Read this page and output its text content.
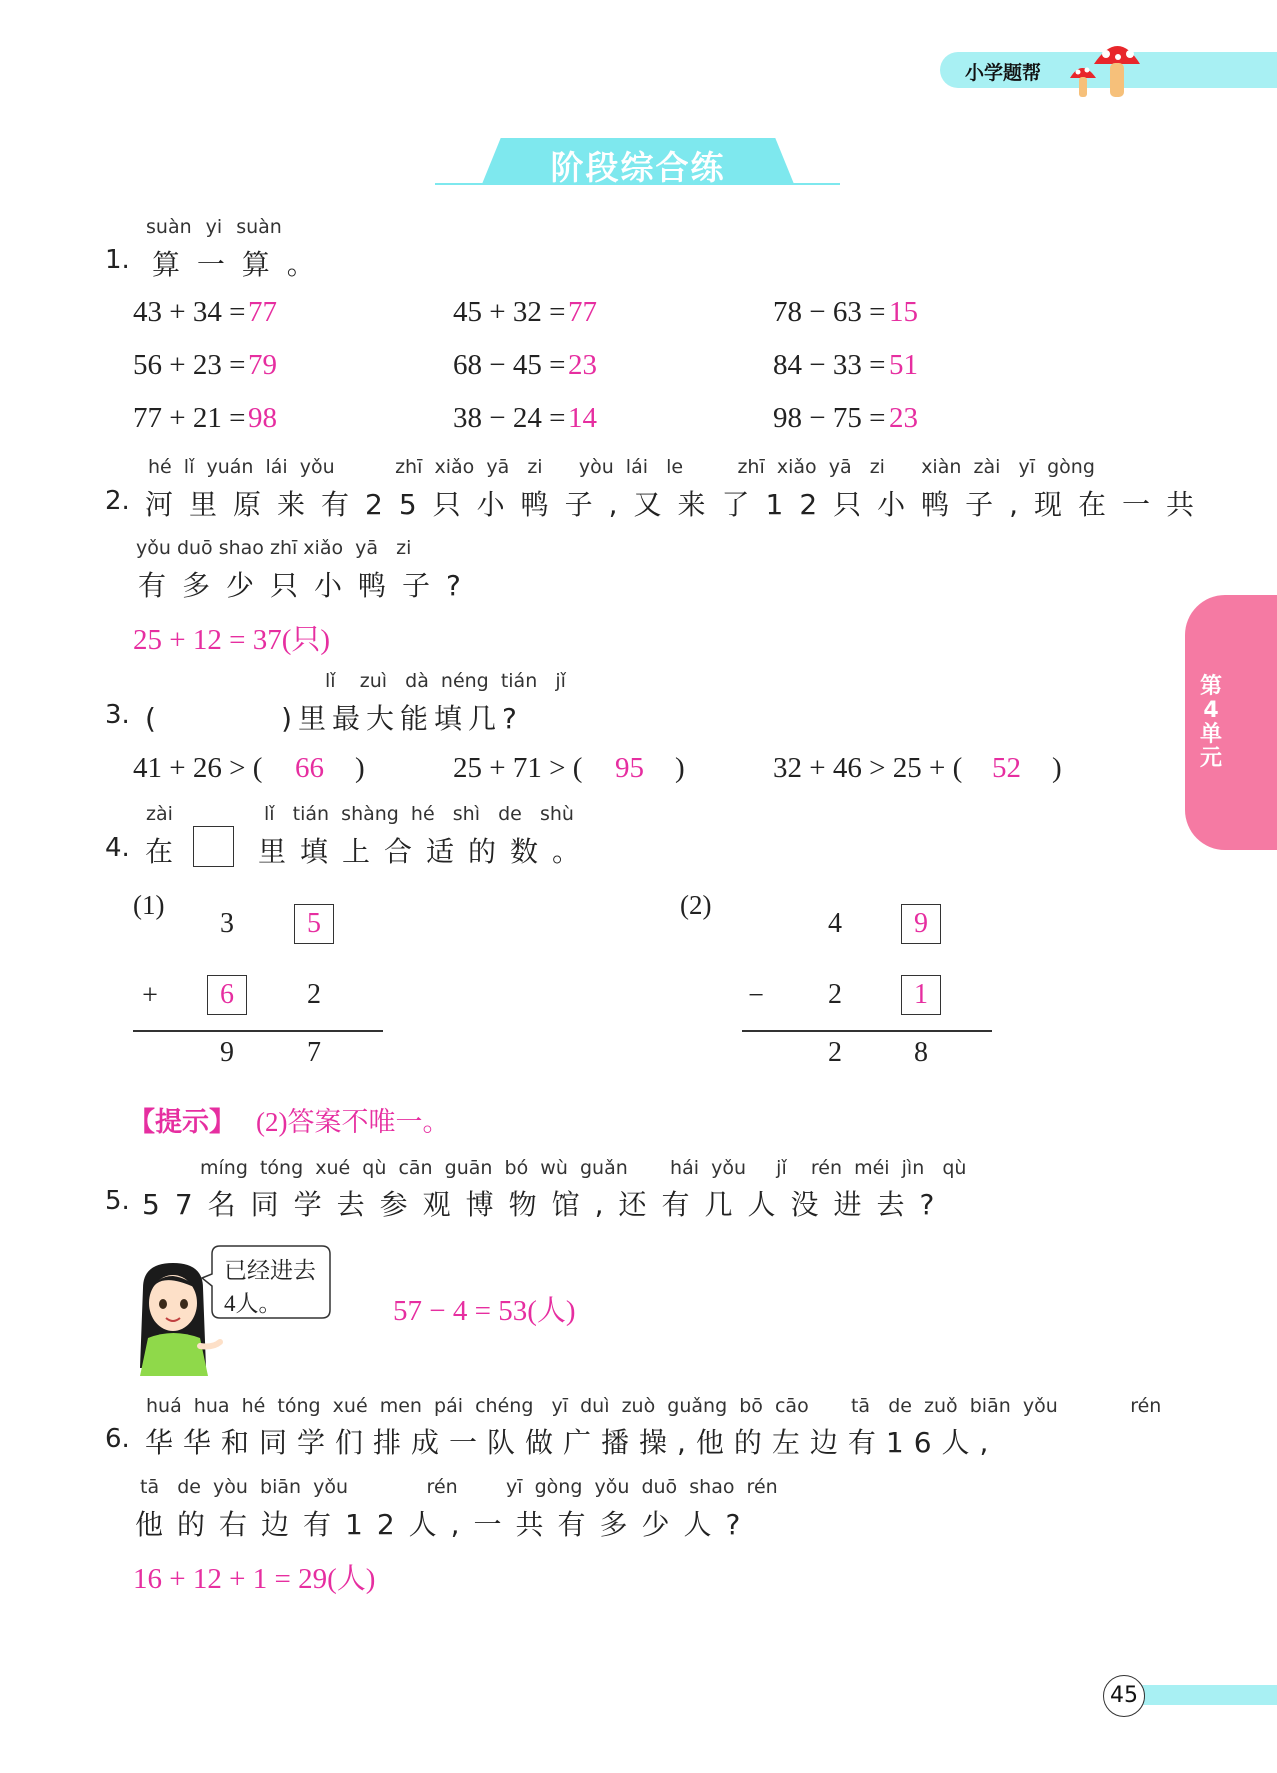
小学题帮
阶段综合练
第4单元
suàn yi suàn
1. 算 一 算 。
43 + 34 = 77	45 + 32 = 77	78 − 63 = 15
56 + 23 = 79	68 − 45 = 23	84 − 33 = 51
77 + 21 = 98	38 − 24 = 14	98 − 75 = 23
hé  lǐ  yuán  lái  yǒu          zhī  xiǎo  yā   zi      yòu  lái   le         zhī  xiǎo  yā   zi      xiàn  zài   yī  gòng
2. 河里原来有25只小鸭子,又来了12只小鸭子,现在一共
yǒu duō shao zhī xiǎo  yā   zi
有多少只小鸭子?
25 + 12 = 37(只)
lǐ    zuì   dà  néng  tián   jǐ
3. (        )里最大能填几?
41 + 26 > ( 66 )	25 + 71 > ( 95 )	32 + 46 > 25 + ( 52 )
zài	lǐ   tián  shàng  hé   shì   de   shù
4. 在 里填上合适的数。
(1)
3	5
+	6	2
9	7
(2)
4	9
−	2	1
2	8
【提示】 (2)答案不唯一。
míng  tóng  xué  qù  cān  guān  bó  wù  guǎn       hái  yǒu     jǐ    rén  méi  jìn   qù
5. 57名同学去参观博物馆,还有几人没进去?
已经进去
4人。	57 − 4 = 53(人)
huá  hua  hé  tóng  xué  men  pái  chéng   yī  duì  zuò  guǎng  bō  cāo       tā   de  zuǒ  biān  yǒu            rén
6. 华华和同学们排成一队做广播操,他的左边有16人,
tā   de  yòu  biān  yǒu             rén        yī  gòng  yǒu  duō  shao  rén
他的右边有12人,一共有多少人?
16 + 12 + 1 = 29(人)
45
